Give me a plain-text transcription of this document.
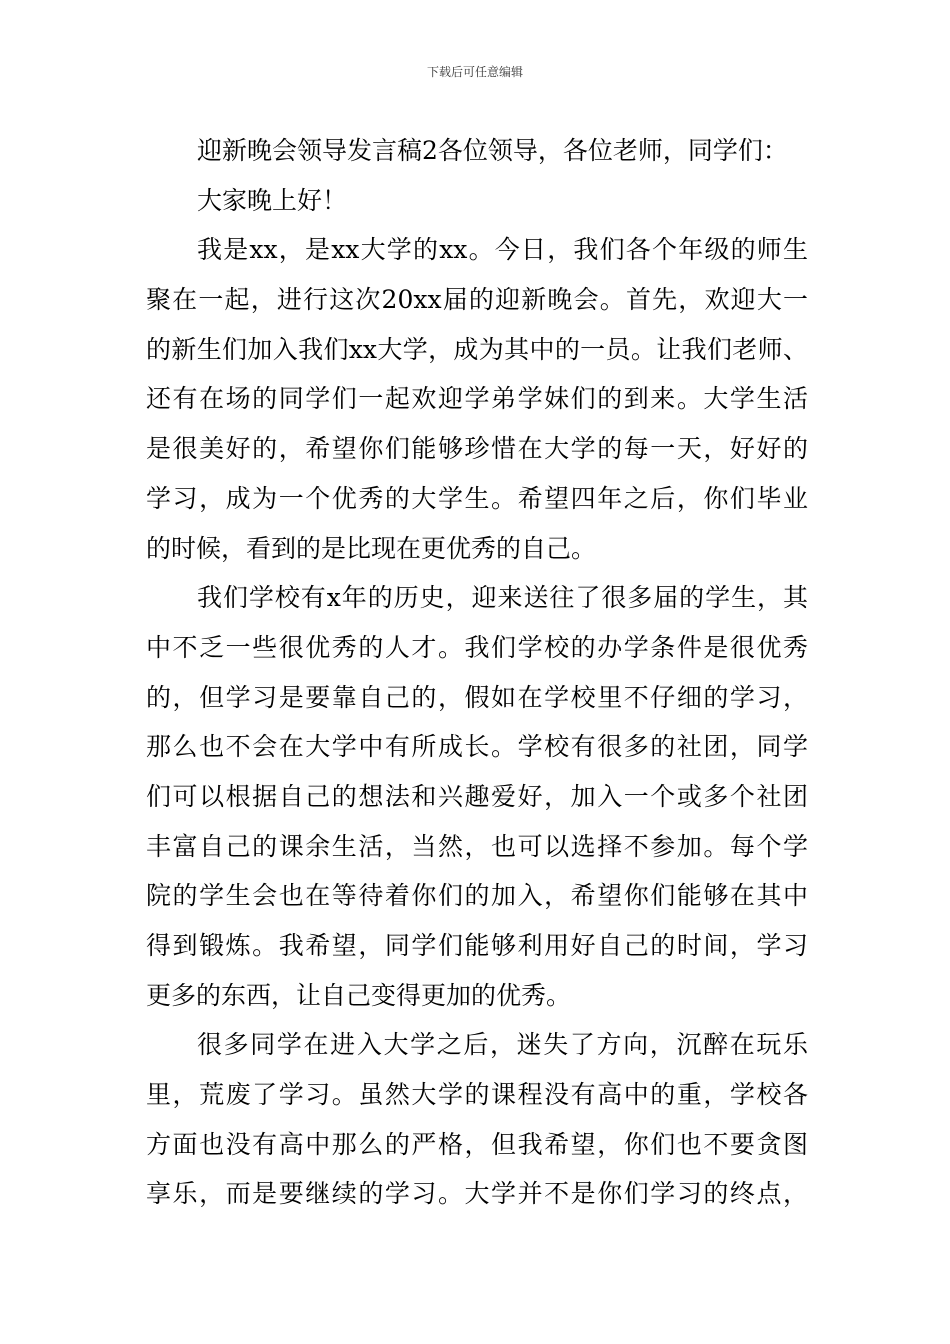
下载后可任意编辑
迎新晚会领导发言稿2各位领导，各位老师，同学们：
大家晚上好！
我是xx，是xx大学的xx。今日，我们各个年级的师生
聚在一起，进行这次20xx届的迎新晚会。首先，欢迎大一
的新生们加入我们xx大学，成为其中的一员。让我们老师、
还有在场的同学们一起欢迎学弟学妹们的到来。大学生活
是很美好的，希望你们能够珍惜在大学的每一天，好好的
学习，成为一个优秀的大学生。希望四年之后，你们毕业
的时候，看到的是比现在更优秀的自己。
我们学校有x年的历史，迎来送往了很多届的学生，其
中不乏一些很优秀的人才。我们学校的办学条件是很优秀
的，但学习是要靠自己的，假如在学校里不仔细的学习，
那么也不会在大学中有所成长。学校有很多的社团，同学
们可以根据自己的想法和兴趣爱好，加入一个或多个社团
丰富自己的课余生活，当然，也可以选择不参加。每个学
院的学生会也在等待着你们的加入，希望你们能够在其中
得到锻炼。我希望，同学们能够利用好自己的时间，学习
更多的东西，让自己变得更加的优秀。
很多同学在进入大学之后，迷失了方向，沉醉在玩乐
里，荒废了学习。虽然大学的课程没有高中的重，学校各
方面也没有高中那么的严格，但我希望，你们也不要贪图
享乐，而是要继续的学习。大学并不是你们学习的终点，
